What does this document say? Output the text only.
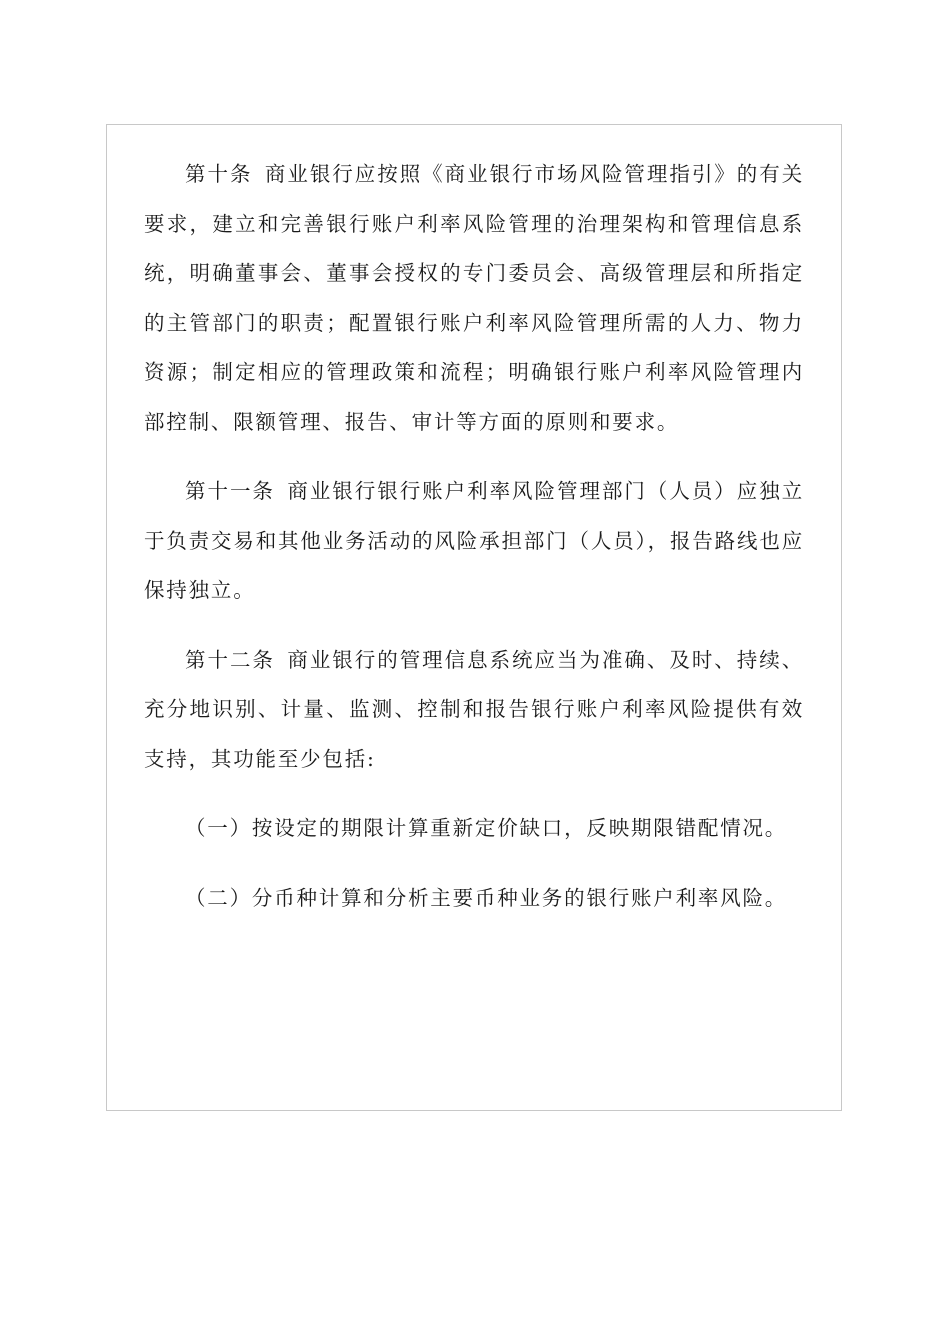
第十条 商业银行应按照《商业银行市场风险管理指引》的有关要求，建立和完善银行账户利率风险管理的治理架构和管理信息系统，明确董事会、董事会授权的专门委员会、高级管理层和所指定的主管部门的职责；配置银行账户利率风险管理所需的人力、物力资源；制定相应的管理政策和流程；明确银行账户利率风险管理内部控制、限额管理、报告、审计等方面的原则和要求。

第十一条 商业银行银行账户利率风险管理部门（人员）应独立于负责交易和其他业务活动的风险承担部门（人员），报告路线也应保持独立。

第十二条 商业银行的管理信息系统应当为准确、及时、持续、充分地识别、计量、监测、控制和报告银行账户利率风险提供有效支持，其功能至少包括:

（一）按设定的期限计算重新定价缺口，反映期限错配情况。

（二）分币种计算和分析主要币种业务的银行账户利率风险。
